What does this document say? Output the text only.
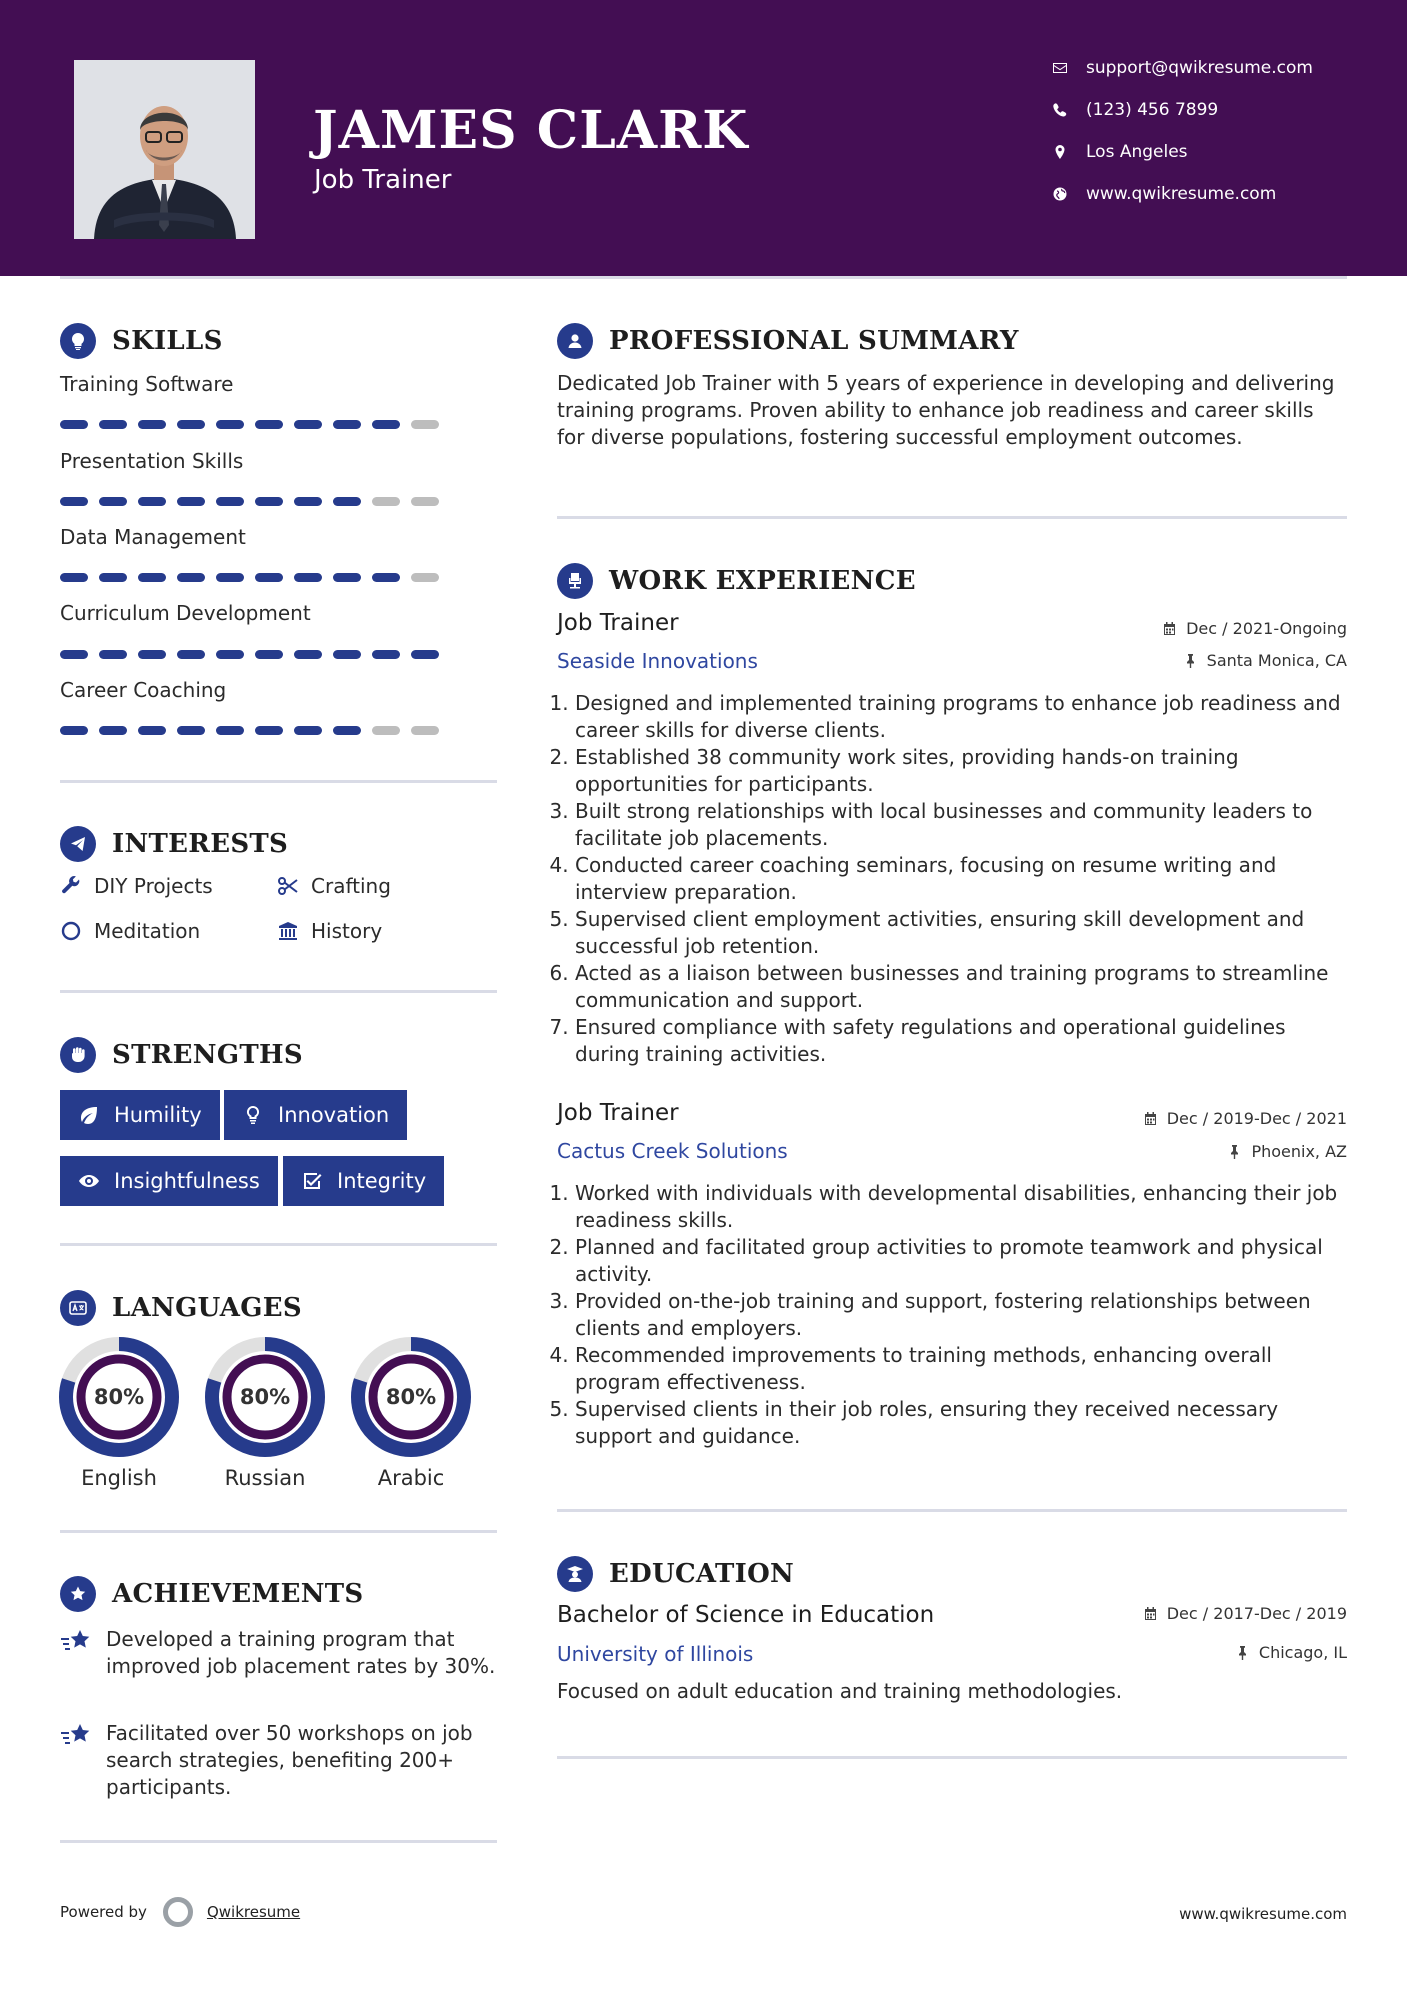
JAMES CLARK
Job Trainer
support@qwikresume.com
(123) 456 7899
Los Angeles
www.qwikresume.com
SKILLS
Training Software
Presentation Skills
Data Management
Curriculum Development
Career Coaching
INTERESTS
DIY Projects	Crafting
Meditation	History
STRENGTHS
Humility	Innovation
Insightfulness	Integrity
LANGUAGES
80%
English
80%
Russian
80%
Arabic
ACHIEVEMENTS

Developed a training program that improved job placement rates by 30%.

Facilitated over 50 workshops on job search strategies, benefiting 200+ participants.

PROFESSIONAL SUMMARY
Dedicated Job Trainer with 5 years of experience in developing and delivering training programs. Proven ability to enhance job readiness and career skills for diverse populations, fostering successful employment outcomes.
WORK EXPERIENCE
Job Trainer
Seaside Innovations
Dec / 2021-Ongoing
Santa Monica, CA
1. Designed and implemented training programs to enhance job readiness and career skills for diverse clients.
2. Established 38 community work sites, providing hands-on training opportunities for participants.
3. Built strong relationships with local businesses and community leaders to facilitate job placements.
4. Conducted career coaching seminars, focusing on resume writing and interview preparation.
5. Supervised client employment activities, ensuring skill development and successful job retention.
6. Acted as a liaison between businesses and training programs to streamline communication and support.
7. Ensured compliance with safety regulations and operational guidelines during training activities.
Job Trainer
Cactus Creek Solutions
Dec / 2019-Dec / 2021
Phoenix, AZ
1. Worked with individuals with developmental disabilities, enhancing their job readiness skills.
2. Planned and facilitated group activities to promote teamwork and physical activity.
3. Provided on-the-job training and support, fostering relationships between clients and employers.
4. Recommended improvements to training methods, enhancing overall program effectiveness.
5. Supervised clients in their job roles, ensuring they received necessary support and guidance.
EDUCATION
Bachelor of Science in Education
University of Illinois
Dec / 2017-Dec / 2019
Chicago, IL
Focused on adult education and training methodologies.
Powered by	Qwikresume	www.qwikresume.com
